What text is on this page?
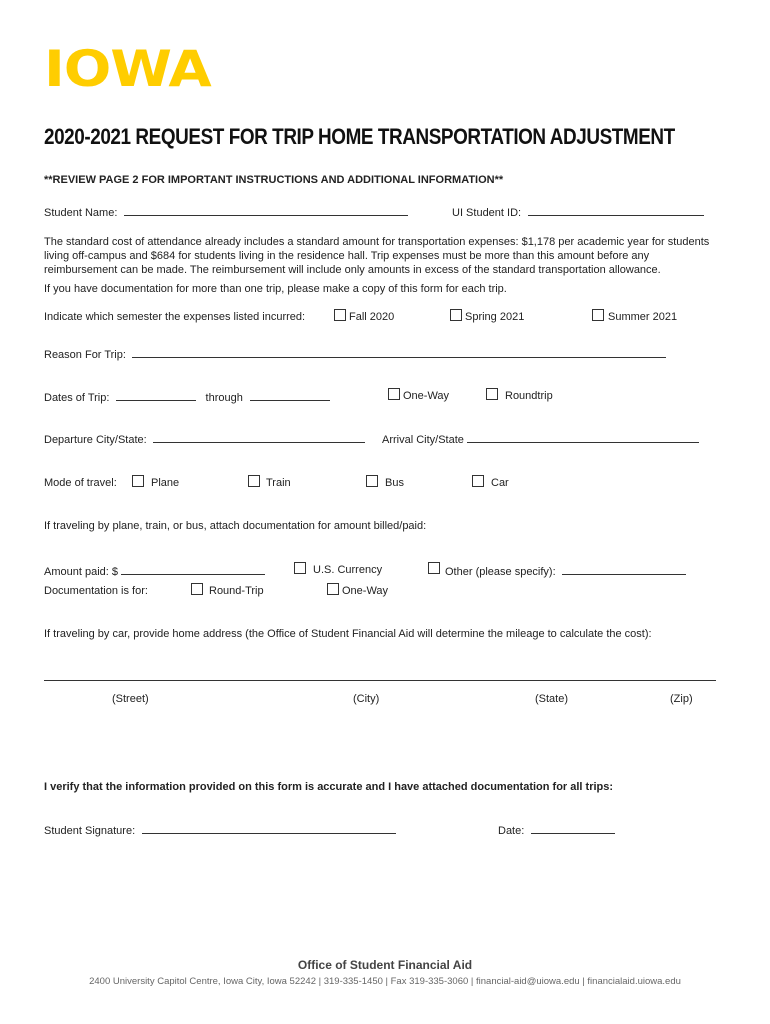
IOWA
2020-2021 REQUEST FOR TRIP HOME TRANSPORTATION ADJUSTMENT
**REVIEW PAGE 2 FOR IMPORTANT INSTRUCTIONS AND ADDITIONAL INFORMATION**
Student Name:	UI Student ID:
The standard cost of attendance already includes a standard amount for transportation expenses: $1,178 per academic year for students living off-campus and $684 for students living in the residence hall. Trip expenses must be more than this amount before any reimbursement can be made. The reimbursement will include only amounts in excess of the standard transportation allowance.
If you have documentation for more than one trip, please make a copy of this form for each trip.
Indicate which semester the expenses listed incurred:	Fall 2020	Spring 2021	Summer 2021
Reason For Trip:
Dates of Trip:	through	One-Way	Roundtrip
Departure City/State:	Arrival City/State
Mode of travel:	Plane	Train	Bus	Car
If traveling by plane, train, or bus, attach documentation for amount billed/paid:
Amount paid: $	U.S. Currency	Other (please specify):
Documentation is for:	Round-Trip	One-Way
If traveling by car, provide home address (the Office of Student Financial Aid will determine the mileage to calculate the cost):
(Street)	(City)	(State)	(Zip)
I verify that the information provided on this form is accurate and I have attached documentation for all trips:
Student Signature:	Date:
Office of Student Financial Aid
2400 University Capitol Centre, Iowa City, Iowa 52242 | 319-335-1450 | Fax 319-335-3060 | financial-aid@uiowa.edu | financialaid.uiowa.edu
